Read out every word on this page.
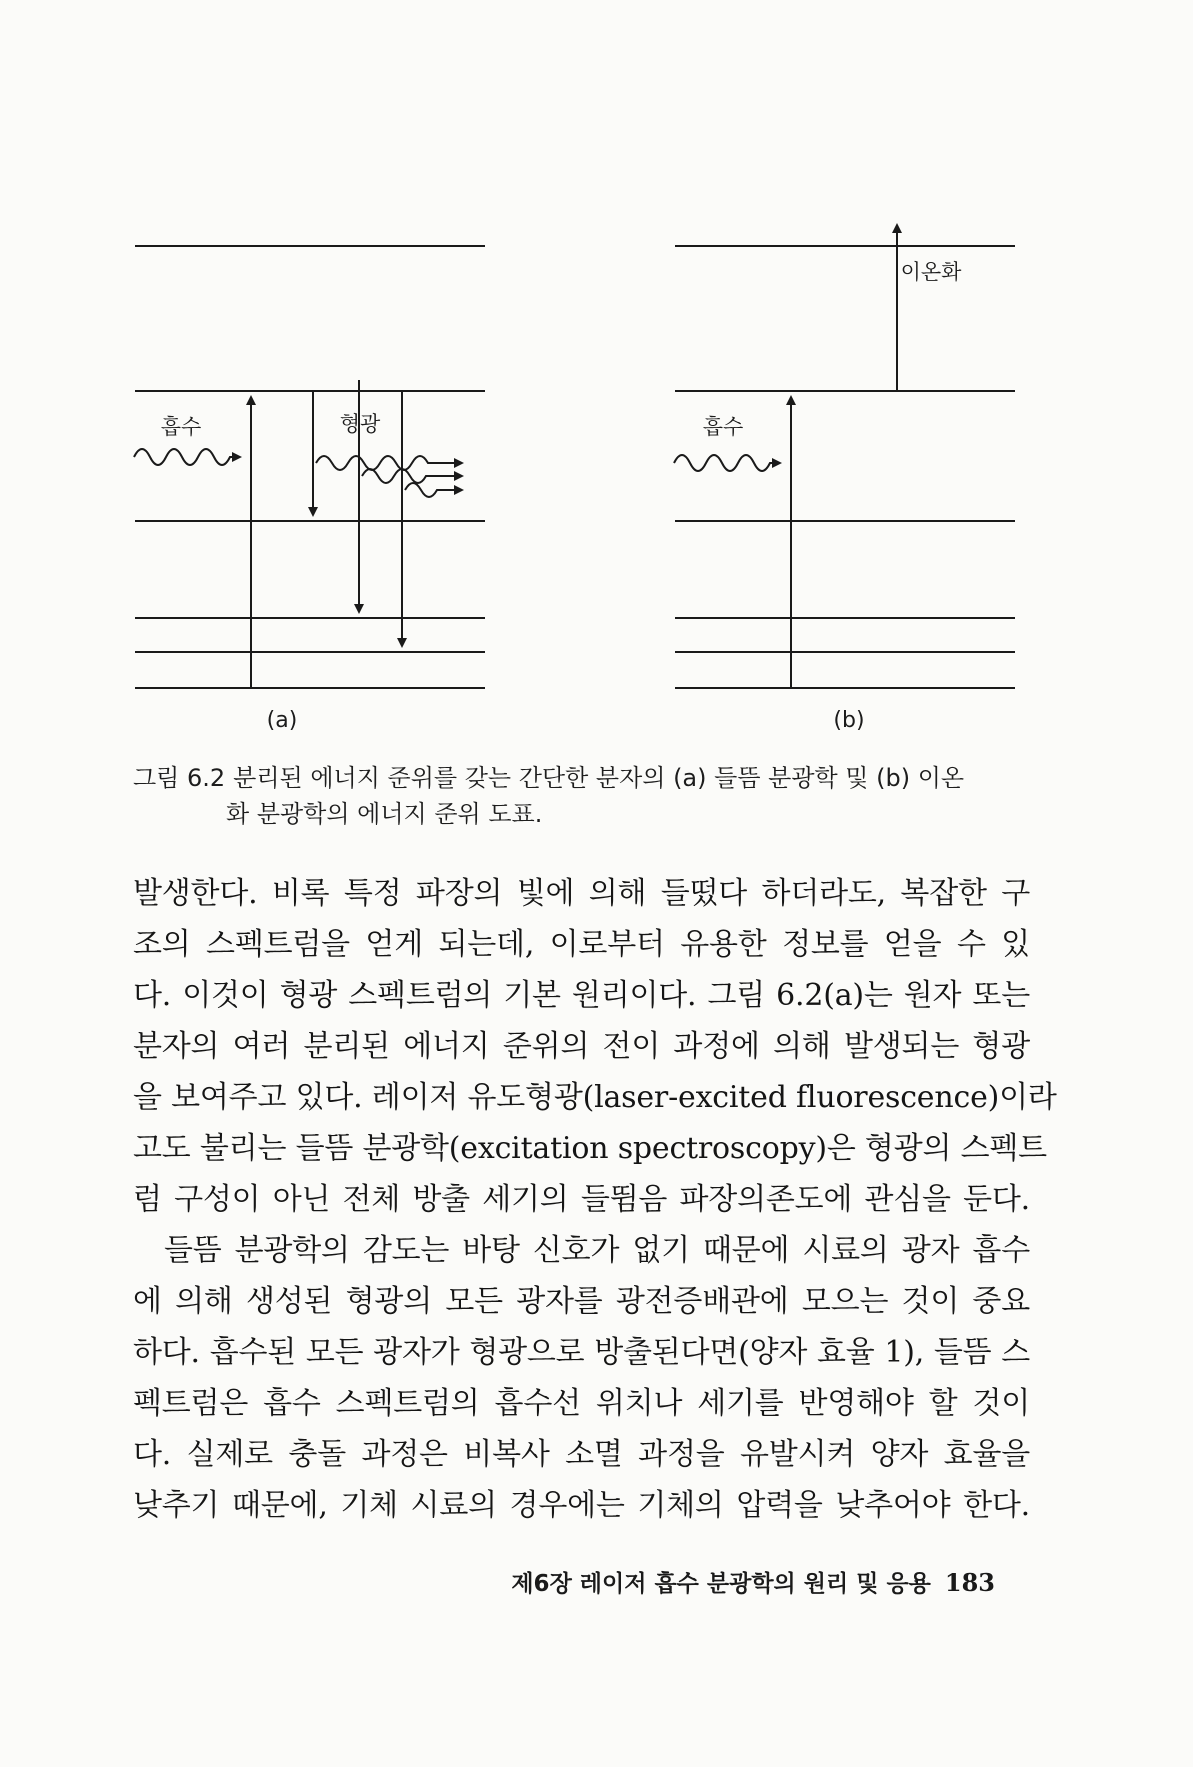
흡수	형광
(a)
흡수
이온화
(b)
그림 6.2 분리된 에너지 준위를 갖는 간단한 분자의 (a) 들뜸 분광학 및 (b) 이온
화 분광학의 에너지 준위 도표.

발생한다. 비록 특정 파장의 빛에 의해 들떴다 하더라도, 복잡한 구
조의 스펙트럼을 얻게 되는데, 이로부터 유용한 정보를 얻을 수 있
다. 이것이 형광 스펙트럼의 기본 원리이다. 그림 6.2(a)는 원자 또는
분자의 여러 분리된 에너지 준위의 전이 과정에 의해 발생되는 형광
을 보여주고 있다. 레이저 유도형광(laser-excited fluorescence)이라
고도 불리는 들뜸 분광학(excitation spectroscopy)은 형광의 스펙트
럼 구성이 아닌 전체 방출 세기의 들뜀음 파장의존도에 관심을 둔다.

들뜸 분광학의 감도는 바탕 신호가 없기 때문에 시료의 광자 흡수
에 의해 생성된 형광의 모든 광자를 광전증배관에 모으는 것이 중요
하다. 흡수된 모든 광자가 형광으로 방출된다면(양자 효율 1), 들뜸 스
펙트럼은 흡수 스펙트럼의 흡수선 위치나 세기를 반영해야 할 것이
다. 실제로 충돌 과정은 비복사 소멸 과정을 유발시켜 양자 효율을
낮추기 때문에, 기체 시료의 경우에는 기체의 압력을 낮추어야 한다.

제6장 레이저 흡수 분광학의 원리 및 응용 183
